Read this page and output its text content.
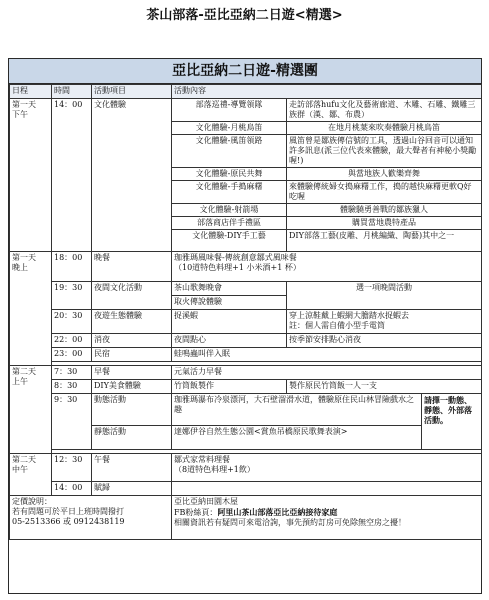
茶山部落-亞比亞納二日遊<精選>
亞比亞納二日遊-精選團
日程	時間	活動項目	活動內容		
第一天
下午	14：00	文化體驗	部落巡禮-導覽領隊	走訪部落hufu文化及藝術廊道、木雕、石雕、鐵雕三族群（漢、鄒、布農）	
			文化體驗-月桃鳥笛	在地月桃葉來吹奏體驗月桃鳥笛	
			文化體驗-風笛領路	風笛曾是鄒族傳信號的工具，透過山谷回音可以通知許多訊息(派三位代表來體驗，最大聲者有神秘小獎勵喔!)	
			文化體驗-原民共舞	與當地族人歡樂齊舞	
			文化體驗-手搗麻糬	來體驗傳統婦女搗麻糬工作，搗的越快麻糬更軟Q好吃喔	
			文化體驗-射箭場	體驗驍勇善戰的鄒族獵人	
			部落商店伴手禮區	購買當地農特產品	
			文化體驗-DIY手工藝	DIY部落工藝(皮雕、月桃編織、陶藝)其中之一	
第一天
晚上	18：00	晚餐	珈雅瑪風味餐-傳統創意鄒式風味餐
（10道特色料理+1 小米酒+1 杯）		
	19：30	夜間文化活動	茶山歌舞晚會	選一項晚間活動	
			取火傳說體驗		
	20：30	夜遊生態體驗	捉溪蝦	穿上涼鞋戴上蝦網大膽踏水捉蝦去
註：個人需自備小型手電筒	
	22：00	消夜	夜間點心	按季節安排點心消夜	
	23：00	民宿	蛙鳴蟲叫伴入眠		

第二天
上午	7：30	早餐	元氣活力早餐		
	8：30	DIY美食體驗	竹筒飯製作	製作原民竹筒飯一人一支	
	9：30	動態活動	珈雅瑪瀑布冷泉漂河，大石壁溜滑水道，體驗原住民山林冒險戲水之趣		請擇一動態、靜態、外部落活動。
		靜態活動	達娜伊谷自然生態公園<賞魚吊橋原民歌舞表演>		

第二天
中午	12：30	午餐	鄒式家常料理餐
（8道特色料理+1飲）		
	14：00	賦歸			
定價說明：
若有問題可於平日上班時間撥打
05-2513366 或 0912438119			亞比亞納田園木屋
FB粉絲頁：阿里山茶山部落亞比亞納接待家庭
相關資訊若有疑問可來電洽詢，事先預約訂房可免除無空房之擾！		
